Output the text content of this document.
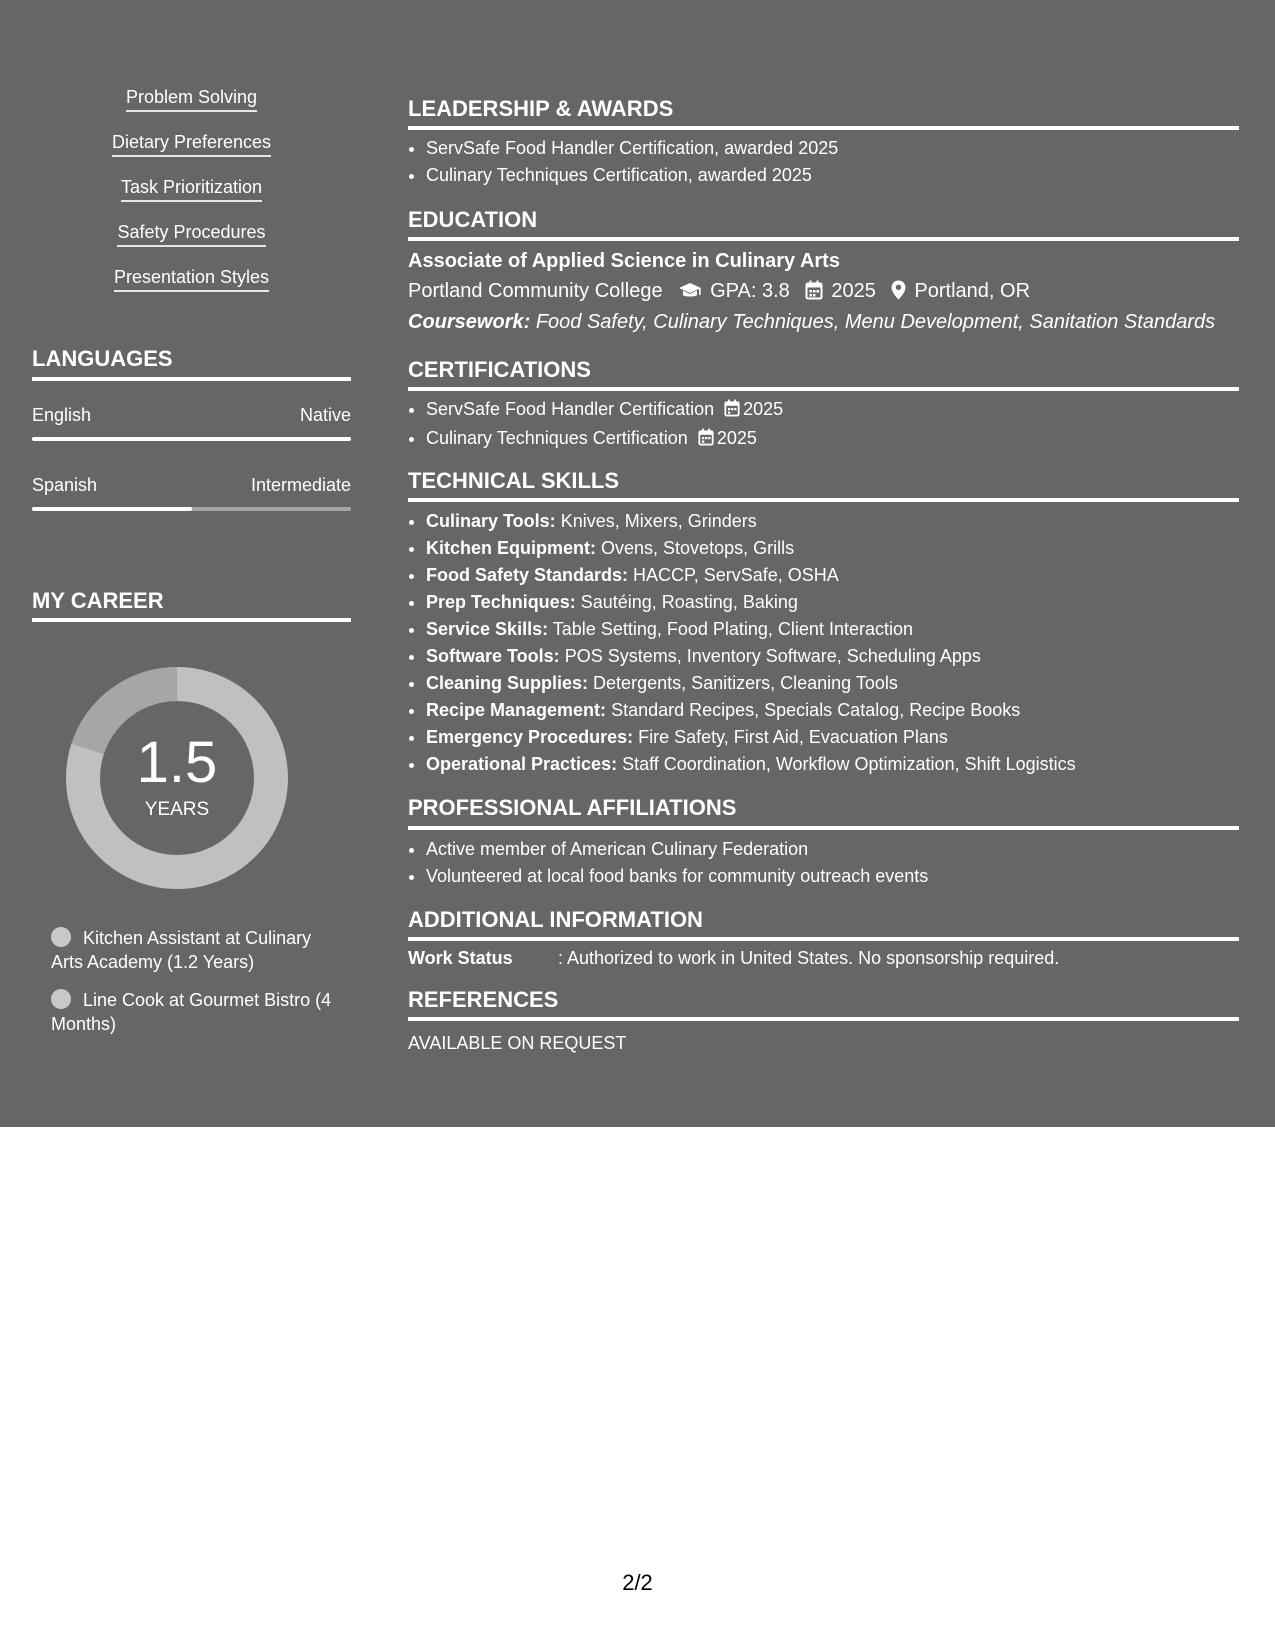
Problem Solving
Dietary Preferences
Task Prioritization
Safety Procedures
Presentation Styles
LANGUAGES
English	Native
Spanish	Intermediate
MY CAREER
1.5
YEARS
Kitchen Assistant at Culinary Arts Academy (1.2 Years)
Line Cook at Gourmet Bistro (4 Months)
LEADERSHIP & AWARDS
• ServSafe Food Handler Certification, awarded 2025
• Culinary Techniques Certification, awarded 2025
EDUCATION
Associate of Applied Science in Culinary Arts
Portland Community College GPA: 3.8 2025 Portland, OR
Coursework: Food Safety, Culinary Techniques, Menu Development, Sanitation Standards
CERTIFICATIONS
• ServSafe Food Handler Certification 2025
• Culinary Techniques Certification 2025
TECHNICAL SKILLS
• Culinary Tools: Knives, Mixers, Grinders
• Kitchen Equipment: Ovens, Stovetops, Grills
• Food Safety Standards: HACCP, ServSafe, OSHA
• Prep Techniques: Sautéing, Roasting, Baking
• Service Skills: Table Setting, Food Plating, Client Interaction
• Software Tools: POS Systems, Inventory Software, Scheduling Apps
• Cleaning Supplies: Detergents, Sanitizers, Cleaning Tools
• Recipe Management: Standard Recipes, Specials Catalog, Recipe Books
• Emergency Procedures: Fire Safety, First Aid, Evacuation Plans
• Operational Practices: Staff Coordination, Workflow Optimization, Shift Logistics
PROFESSIONAL AFFILIATIONS
• Active member of American Culinary Federation
• Volunteered at local food banks for community outreach events
ADDITIONAL INFORMATION
Work Status	: Authorized to work in United States. No sponsorship required.
REFERENCES
AVAILABLE ON REQUEST
2/2
